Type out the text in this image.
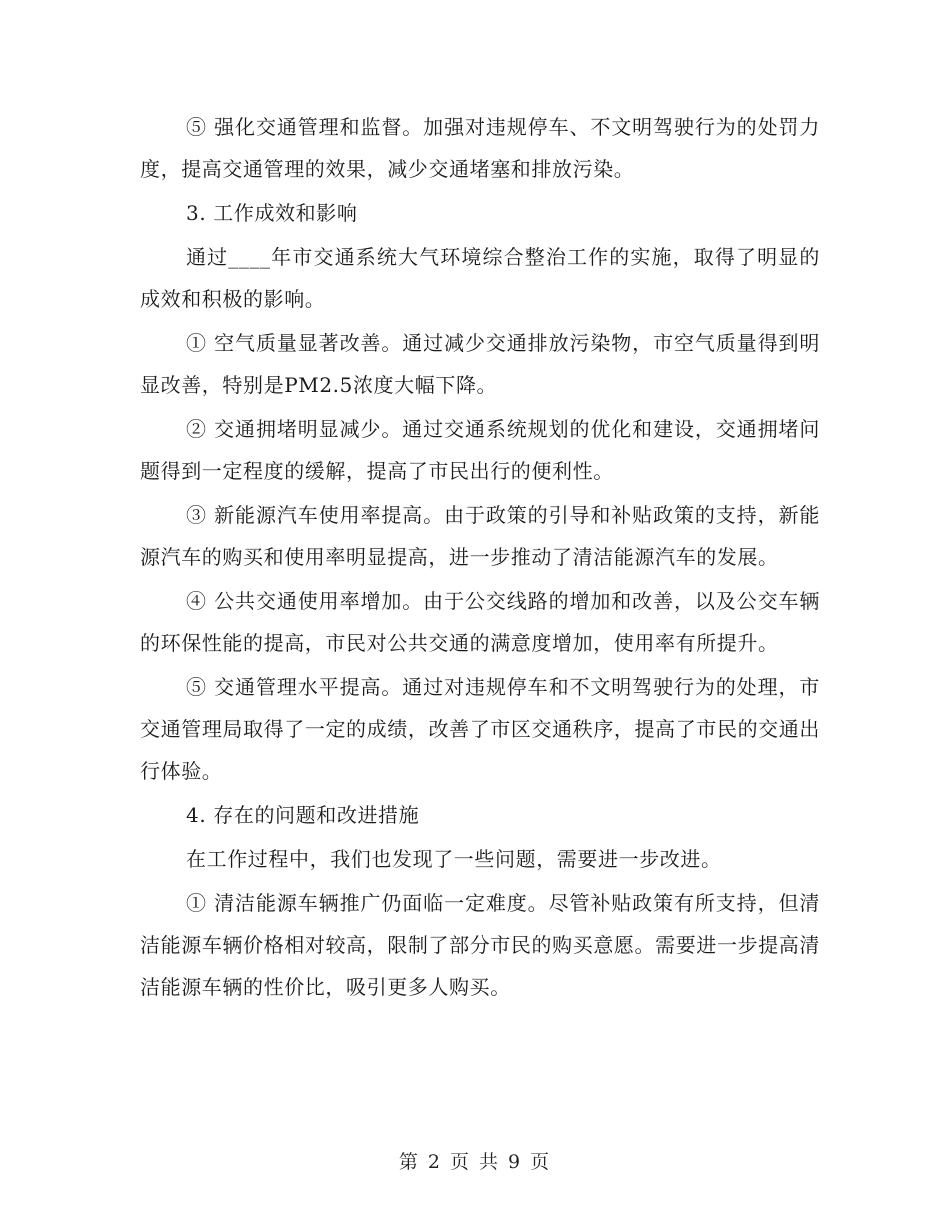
⑤ 强化交通管理和监督。加强对违规停车、不文明驾驶行为的处罚力度，提高交通管理的效果，减少交通堵塞和排放污染。

3. 工作成效和影响

通过____年市交通系统大气环境综合整治工作的实施，取得了明显的成效和积极的影响。

① 空气质量显著改善。通过减少交通排放污染物，市空气质量得到明显改善，特别是PM2.5浓度大幅下降。

② 交通拥堵明显减少。通过交通系统规划的优化和建设，交通拥堵问题得到一定程度的缓解，提高了市民出行的便利性。

③ 新能源汽车使用率提高。由于政策的引导和补贴政策的支持，新能源汽车的购买和使用率明显提高，进一步推动了清洁能源汽车的发展。

④ 公共交通使用率增加。由于公交线路的增加和改善，以及公交车辆的环保性能的提高，市民对公共交通的满意度增加，使用率有所提升。

⑤ 交通管理水平提高。通过对违规停车和不文明驾驶行为的处理，市交通管理局取得了一定的成绩，改善了市区交通秩序，提高了市民的交通出行体验。

4. 存在的问题和改进措施

在工作过程中，我们也发现了一些问题，需要进一步改进。

① 清洁能源车辆推广仍面临一定难度。尽管补贴政策有所支持，但清洁能源车辆价格相对较高，限制了部分市民的购买意愿。需要进一步提高清洁能源车辆的性价比，吸引更多人购买。

第 2 页 共 9 页
